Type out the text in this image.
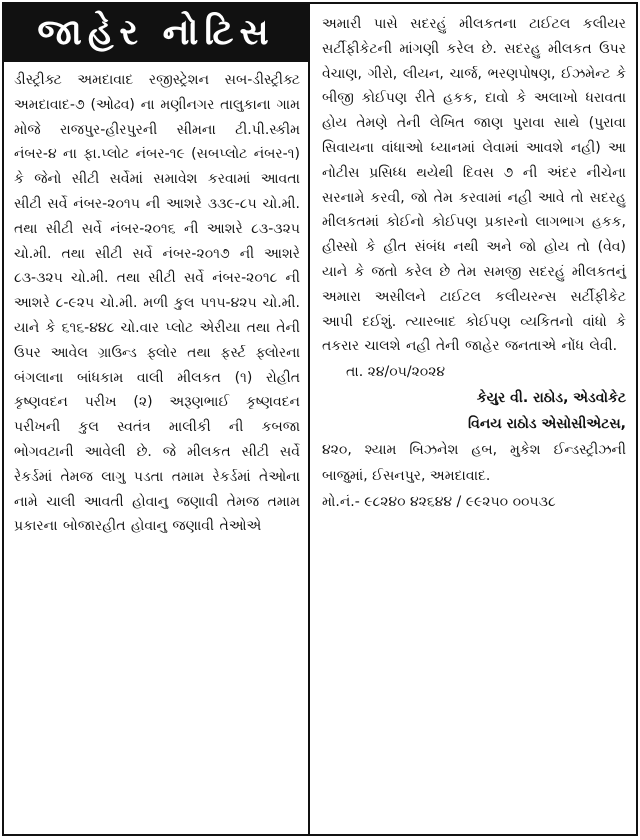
જાહેર નોટિસ

ડીસ્ટ્રીક્ટ અમદાવાદ રજીસ્ટ્રેશન સબ-ડીસ્ટ્રીક્ટ અમદાવાદ-૭ (ઓઢવ) ના મણીનગર તાલુકાના ગામ મોજે રાજપુર-હીરપુરની સીમના ટી.પી.સ્કીમ નંબર-૪ ના ફા.પ્લોટ નંબર-૧૯ (સબપ્લોટ નંબર-૧) કે જેનો સીટી સર્વેમાં સમાવેશ કરવામાં આવતા સીટી સર્વે નંબર-૨૦૧૫ ની આશરે ૩૩૯-૮૫ ચો.મી. તથા સીટી સર્વે નંબર-૨૦૧૬ ની આશરે ૮૩-૩૨૫ ચો.મી. તથા સીટી સર્વે નંબર-૨૦૧૭ ની આશરે ૮૩-૩૨૫ ચો.મી. તથા સીટી સર્વે નંબર-૨૦૧૮ ની આશરે ૮-૯૨૫ ચો.મી. મળી કુલ ૫૧૫-૪૨૫ ચો.મી. યાને કે ૬૧૬-૪૪૮ ચો.વાર પ્લોટ એરીયા તથા તેની ઉપર આવેલ ગ્રાઉન્ડ ફ્લોર તથા ફર્સ્ટ ફ્લોરના બંગલાના બાંધકામ વાલી મીલકત (૧) રોહીત કૃષ્ણવદન પરીખ (૨) અરૂણભાઈ કૃષ્ણવદન પરીખની કુલ સ્વતંત્ર માલીકી ની કબજા ભોગવટાની આવેલી છે. જે મીલકત સીટી સર્વે રેકર્ડમાં તેમજ લાગુ પડતા તમામ રેકર્ડમાં તેઓના નામે ચાલી આવતી હોવાનુ જણાવી તેમજ તમામ પ્રકારના બોજારહીત હોવાનુ જણાવી તેઓએ

અમારી પાસે સદરહું મીલકતના ટાઈટલ કલીયર સર્ટીફીકેટની માંગણી કરેલ છે. સદરહુ મીલકત ઉપર વેચાણ, ગીરો, લીયન, ચાર્જ, ભરણપોષણ, ઈઝમેન્ટ કે બીજી કોઈપણ રીતે હકક, દાવો કે અલાખો ધરાવતા હોય તેમણે તેની લેખિત જાણ પુરાવા સાથે (પુરાવા સિવાયના વાંધાઓ ધ્યાનમાં લેવામાં આવશે નહી) આ નોટીસ પ્રસિધ્ધ થયેથી દિવસ ૭ ની અંદર નીચેના સરનામે કરવી, જો તેમ કરવામાં નહી આવે તો સદરહુ મીલકતમાં કોઈનો કોઈપણ પ્રકારનો લાગભાગ હકક, હીસ્સો કે હીત સંબંધ નથી અને જો હોય તો (વેવ) યાને કે જતો કરેલ છે તેમ સમજી સદરહું મીલકતનું અમારા અસીલને ટાઈટલ કલીયરન્સ સર્ટીફીકેટ આપી દઈશું. ત્યારબાદ કોઈપણ વ્યકિતનો વાંધો કે તકરાર ચાલશે નહી તેની જાહેર જનતાએ નોંધ લેવી.

તા. ૨૪/૦૫/૨૦૨૪

કેયુર વી. રાઠોડ, એડવોકેટ

વિનય રાઠોડ એસોસીએટસ,

૪૨૦, શ્યામ બિઝનેશ હબ, મુકેશ ઈન્ડસ્ટ્રીઝની બાજુમાં, ઈસનપુર, અમદાવાદ.

મો.નં.- ૯૮૨૪૦ ૪૨૬૪૪ / ૯૯૨૫૦ ૦૦૫૩૮
